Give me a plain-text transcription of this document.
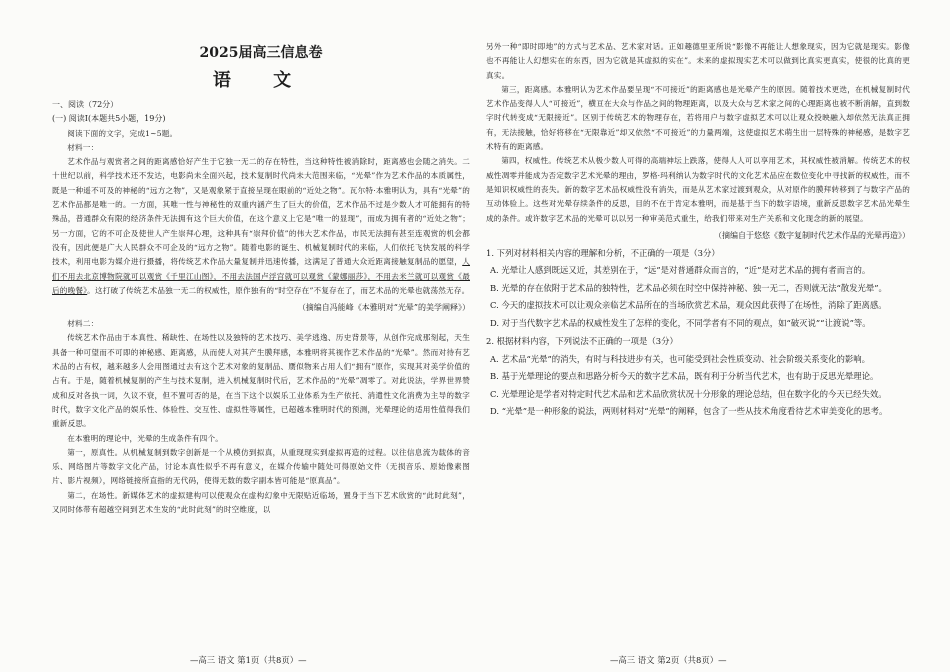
2025届高三信息卷
语 文

一、阅读（72分）

(一) 阅读Ⅰ(本题共5小题，19分)

阅读下面的文字，完成1~5题。

材料一：

艺术作品与观赏者之间的距离感恰好产生于它独一无二的存在特性，当这种特性被消除时，距离感也会随之消失。二十世纪以前，科学技术还不发达，电影尚未全面兴起，技术复制时代尚未大范围来临，“光晕”作为艺术作品的本质属性，既是一种遥不可及的神秘的“远方之物”，又是观象紧于直接呈现在眼前的“近处之物”。瓦尔特·本雅明认为，具有“光晕”的艺术作品都是唯一的。一方面，其唯一性与神秘性的双重内涵产生了巨大的价值，艺术作品不过是少数人才可能拥有的特殊品，普通群众有限的经济条件无法拥有这个巨大价值，在这个意义上它是“唯一的显现”，而成为拥有者的“近处之物”；另一方面，它的不可企及使世人产生崇拜心理，这种具有“崇拜价值”的伟大艺术作品，市民无法拥有甚至连观赏的机会都没有，因此便是广大人民群众不可企及的“远方之物”。随着电影的诞生、机械复制时代的来临，人们依托飞快发展的科学技术，利用电影为媒介进行摄播，将传统艺术作品大量复制并迅速传播，这满足了普通大众近距离接触复制品的愿望，人们不用去北京博物院就可以观赏《千里江山图》，不用去法国卢浮宫就可以观赏《蒙娜丽莎》，不用去米兰就可以观赏《最后的晚餐》。这打破了传统艺术品独一无二的权威性，原作独有的“时空存在”不复存在了，而艺术品的光晕也就荡然无存。

（摘编自冯能峰《本雅明对“光晕”的美学阐释》）

材料二：

传统艺术作品由于本真性、稀缺性、在场性以及独特的艺术技巧、美学逃逸、历史背景等，从创作完成那刻起，天生具备一种可望而不可即的神秘感、距离感，从而使人对其产生膜拜感，本雅明将其视作艺术作品的“光晕”。然而对待有艺术品的占有权，越来越多人会用图通过去有这个艺术对象的复制品、赝似物来占用人们“拥有”原作，实现其对美学价值的占有。于是，随着机械复制的产生与技术复制，进入机械复制时代后，艺术作品的“光晕”凋零了。对此说法，学界世界赞成和反对各执一词，久议不衰，但不置可否的是，在当下这个以娱乐工业体系为生产依托、消遣性文化消费为主导的数字时代，数字文化产品的娱乐性、体验性、交互性、虚拟性等属性，已超越本雅明时代的预测，光晕理论的适用性值得我们重新反思。

在本雅明的理论中，光晕的生成条件有四个。

第一，原真性。从机械复制到数字创新是一个从模仿到拟真，从重现现实到虚拟再造的过程。以往信息流为载体的音乐、网络图片等数字文化产品，讨论本真性似乎不再有意义，在媒介传输中随处可得原始文件（无损音乐、原始像素图片、影片视频），网络链接所直指的无代码，使得无数的数字副本皆可能是“原真品”。

第二，在场性。新媒体艺术的虚拟建构可以使观众在虚构幻象中无限贴近临场，置身于当下艺术欣赏的“此时此刻”，又同时体带有超越空间到艺术生发的“此时此刻”的时空维度，以

—高三 语文 第1页（共8页）—

另外一种“即时即地”的方式与艺术品、艺术家对话。正如趣德里亚所说“影像不再能让人想象现实，因为它就是现实。影像也不再能让人幻想实在的东西，因为它就是其虚拟的实在”。未来的虚拟现实艺术可以做到比真实更真实，使很的比真的更真实。

第三，距离感。本雅明认为艺术作品要呈现“不可接近”的距离感也是光晕产生的原因。随着技术更迭，在机械复制时代艺术作品变得人人“可接近”，横亘在大众与作品之间的物理距离，以及大众与艺术家之间的心理距离也被不断消解，直到数字时代转变成“无限接近”。区别于传统艺术的物理存在，若将用户与数字虚拟艺术可以让观众投映融入却依然无法真正拥有，无法接触，恰好将移在“无限靠近”却又依然“不可接近”的力量两端，这使虚拟艺术萌生出一层特殊的神秘感，是数字艺术特有的距离感。

第四，权威性。传统艺术从极少数人可得的高端神坛上跌落，使得人人可以享用艺术，其权威性被消解。传统艺术的权威性凋零并能成为否定数字艺术光晕的理由，罗格·玛利纳认为数字时代的文化艺术品应在数位变化中寻找新的权威性，而不是知识权威性的丧失。新的数字艺术品权威性没有消失，而是从艺术家过渡到观众，从对原作的膜拜转移到了与数字产品的互动体验上。这些对光晕存续条件的反思，目的不在于肯定本雅明，而是基于当下的数字语境，重新反思数字艺术品光晕生成的条件。或许数字艺术品的光晕可以以另一种审美范式重生，给我们带来对生产关系和文化现念的新的展望。

（摘编自于悠悠《数字复制时代艺术作品的光晕再造》）

1. 下列对材料相关内容的理解和分析，不正确的一项是（3分）

A. 光晕让人感到既远又近，其差别在于，“远”是对普通群众而言的，“近”是对艺术品的拥有者而言的。

B. 光晕的存在依附于艺术品的独特性，艺术品必须在时空中保持神秘、独一无二，否则就无法“散发光晕”。

C. 今天的虚拟技术可以让观众亲临艺术品所在的当场欣赏艺术品，观众因此获得了在场性，消除了距离感。

D. 对于当代数字艺术品的权威性发生了怎样的变化，不同学者有不同的观点，如“破灭说”“让渡说”等。

2. 根据材料内容，下列说法不正确的一项是（3分）

A. 艺术品“光晕”的消失，有时与科技进步有关，也可能受到社会性质变动、社会阶级关系变化的影响。

B. 基于光晕理论的要点和思路分析今天的数字艺术品，既有利于分析当代艺术，也有助于反思光晕理论。

C. 光晕理论是学者对特定时代艺术品和艺术品欣赏状况十分形象的理论总结，但在数字化的今天已经失效。

D. “光晕”是一种形象的说法，两则材料对“光晕”的阐释，包含了一些从技术角度看待艺术审美变化的思考。

—高三 语文 第2页（共8页）—
